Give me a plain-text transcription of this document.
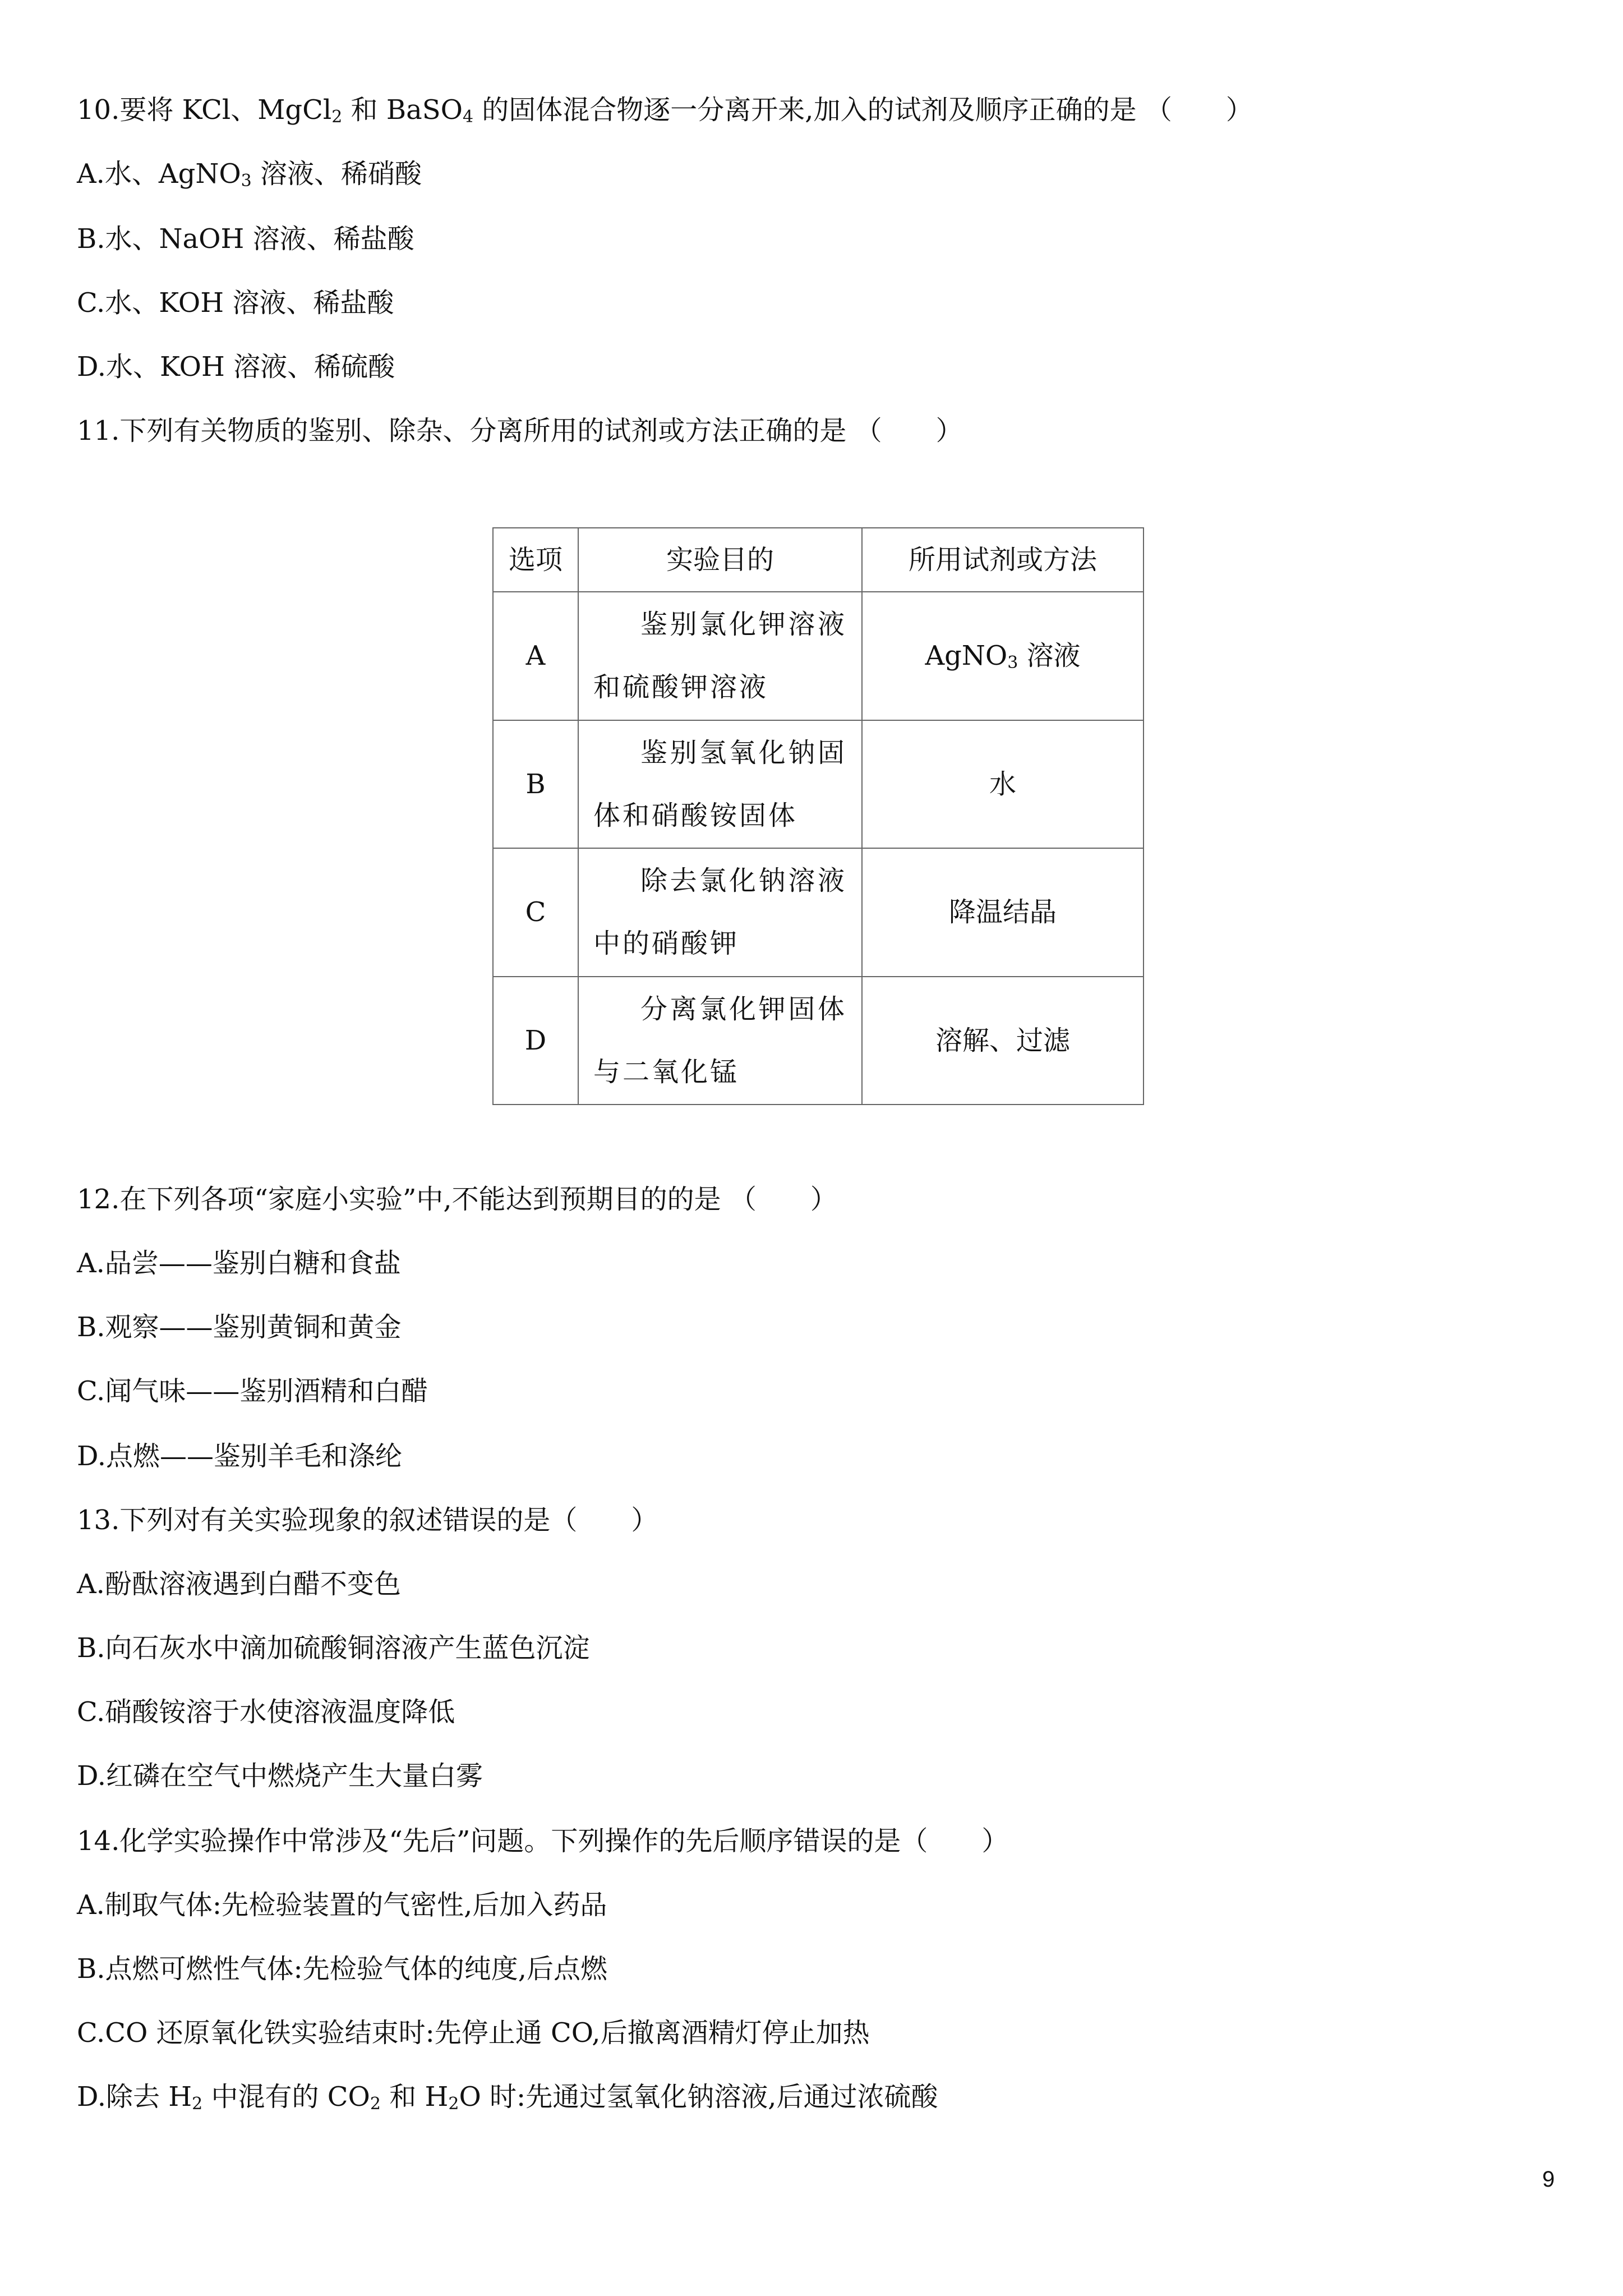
10.要将 KCl、MgCl$_2$ 和 BaSO$_4$ 的固体混合物逐一分离开来,加入的试剂及顺序正确的是 （　　）

A.水、AgNO$_3$ 溶液、稀硝酸

B.水、NaOH 溶液、稀盐酸

C.水、KOH 溶液、稀盐酸

D.水、KOH 溶液、稀硫酸

11.下列有关物质的鉴别、除杂、分离所用的试剂或方法正确的是 （　　）

选项	实验目的	所用试剂或方法
A	鉴别氯化钾溶液和硫酸钾溶液	AgNO$_3$ 溶液
B	鉴别氢氧化钠固体和硝酸铵固体	水
C	除去氯化钠溶液中的硝酸钾	降温结晶
D	分离氯化钾固体与二氧化锰	溶解、过滤

12.在下列各项“家庭小实验”中,不能达到预期目的的是 （　　）

A.品尝——鉴别白糖和食盐

B.观察——鉴别黄铜和黄金

C.闻气味——鉴别酒精和白醋

D.点燃——鉴别羊毛和涤纶

13.下列对有关实验现象的叙述错误的是（　　）

A.酚酞溶液遇到白醋不变色

B.向石灰水中滴加硫酸铜溶液产生蓝色沉淀

C.硝酸铵溶于水使溶液温度降低

D.红磷在空气中燃烧产生大量白雾

14.化学实验操作中常涉及“先后”问题。下列操作的先后顺序错误的是（　　）

A.制取气体:先检验装置的气密性,后加入药品

B.点燃可燃性气体:先检验气体的纯度,后点燃

C.CO 还原氧化铁实验结束时:先停止通 CO,后撤离酒精灯停止加热

D.除去 $H_2$ 中混有的 $CO_2$ 和 $H_2O$ 时:先通过氢氧化钠溶液,后通过浓硫酸

9
